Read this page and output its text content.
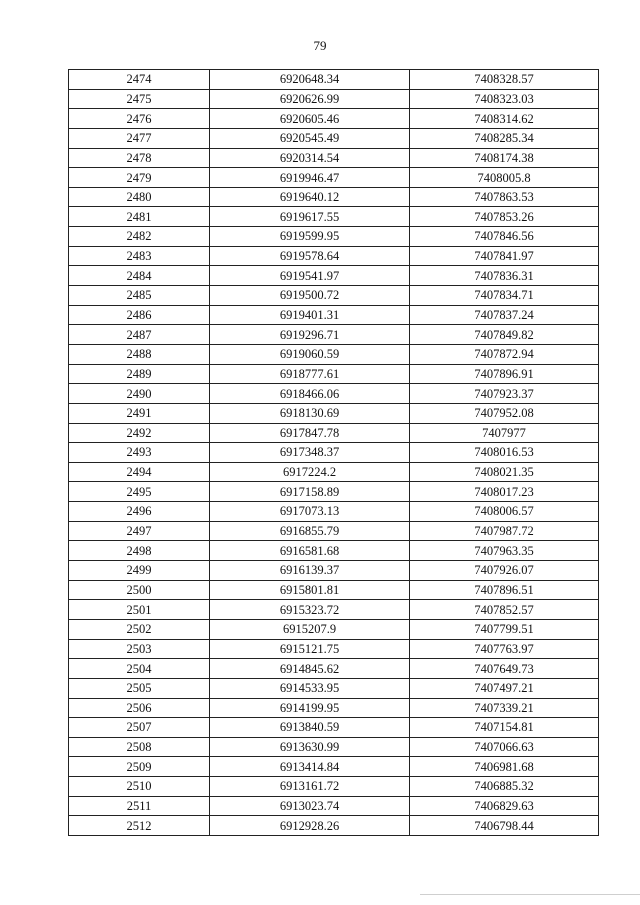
79
2474	6920648.34	7408328.57
2475	6920626.99	7408323.03
2476	6920605.46	7408314.62
2477	6920545.49	7408285.34
2478	6920314.54	7408174.38
2479	6919946.47	7408005.8
2480	6919640.12	7407863.53
2481	6919617.55	7407853.26
2482	6919599.95	7407846.56
2483	6919578.64	7407841.97
2484	6919541.97	7407836.31
2485	6919500.72	7407834.71
2486	6919401.31	7407837.24
2487	6919296.71	7407849.82
2488	6919060.59	7407872.94
2489	6918777.61	7407896.91
2490	6918466.06	7407923.37
2491	6918130.69	7407952.08
2492	6917847.78	7407977
2493	6917348.37	7408016.53
2494	6917224.2	7408021.35
2495	6917158.89	7408017.23
2496	6917073.13	7408006.57
2497	6916855.79	7407987.72
2498	6916581.68	7407963.35
2499	6916139.37	7407926.07
2500	6915801.81	7407896.51
2501	6915323.72	7407852.57
2502	6915207.9	7407799.51
2503	6915121.75	7407763.97
2504	6914845.62	7407649.73
2505	6914533.95	7407497.21
2506	6914199.95	7407339.21
2507	6913840.59	7407154.81
2508	6913630.99	7407066.63
2509	6913414.84	7406981.68
2510	6913161.72	7406885.32
2511	6913023.74	7406829.63
2512	6912928.26	7406798.44
